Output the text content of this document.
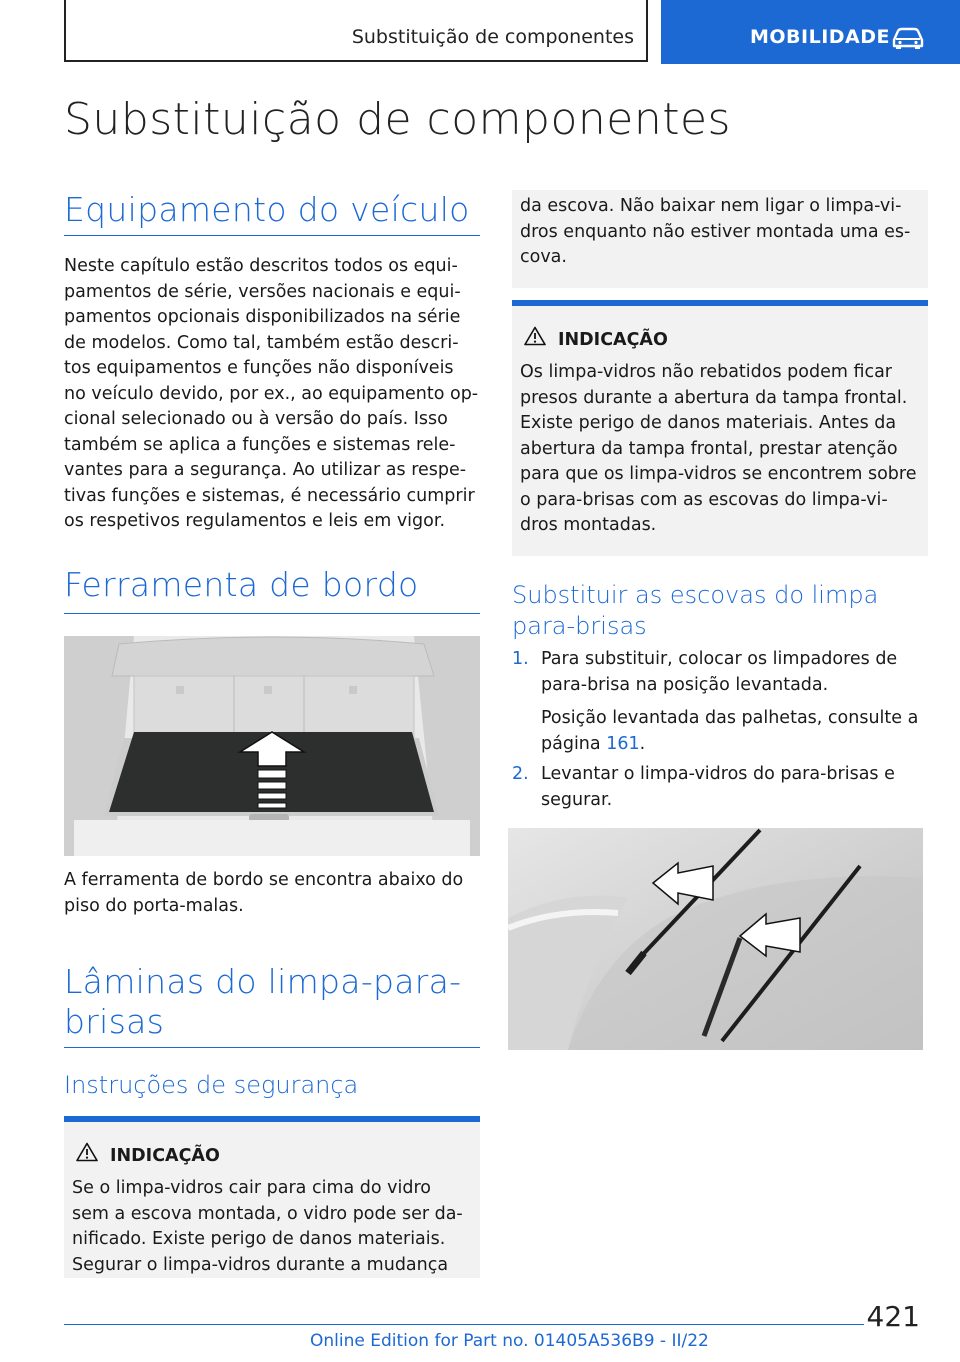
Substituição de componentes	MOBILIDADE
Substituição de componentes
Equipamento do veículo
Neste capítulo estão descritos todos os equi‐
pamentos de série, versões nacionais e equi‐
pamentos opcionais disponibilizados na série
de modelos. Como tal, também estão descri‐
tos equipamentos e funções não disponíveis
no veículo devido, por ex., ao equipamento op‐
cional selecionado ou à versão do país. Isso
também se aplica a funções e sistemas rele‐
vantes para a segurança. Ao utilizar as respe‐
tivas funções e sistemas, é necessário cumprir
os respetivos regulamentos e leis em vigor.
Ferramenta de bordo
A ferramenta de bordo se encontra abaixo do
piso do porta-malas.
Lâminas do limpa-para-
brisas
Instruções de segurança
INDICAÇÃO
Se o limpa-vidros cair para cima do vidro
sem a escova montada, o vidro pode ser da‐
nificado. Existe perigo de danos materiais.
Segurar o limpa-vidros durante a mudança
da escova. Não baixar nem ligar o limpa-vi‐
dros enquanto não estiver montada uma es‐
cova.
INDICAÇÃO
Os limpa-vidros não rebatidos podem ficar
presos durante a abertura da tampa frontal.
Existe perigo de danos materiais. Antes da
abertura da tampa frontal, prestar atenção
para que os limpa-vidros se encontrem sobre
o para-brisas com as escovas do limpa-vi‐
dros montadas.
Substituir as escovas do limpa
para-brisas
1. Para substituir, colocar os limpadores de
para-brisa na posição levantada.
Posição levantada das palhetas, consulte a
página 161.
2. Levantar o limpa-vidros do para-brisas e
segurar.
421
Online Edition for Part no. 01405A536B9 - II/22
